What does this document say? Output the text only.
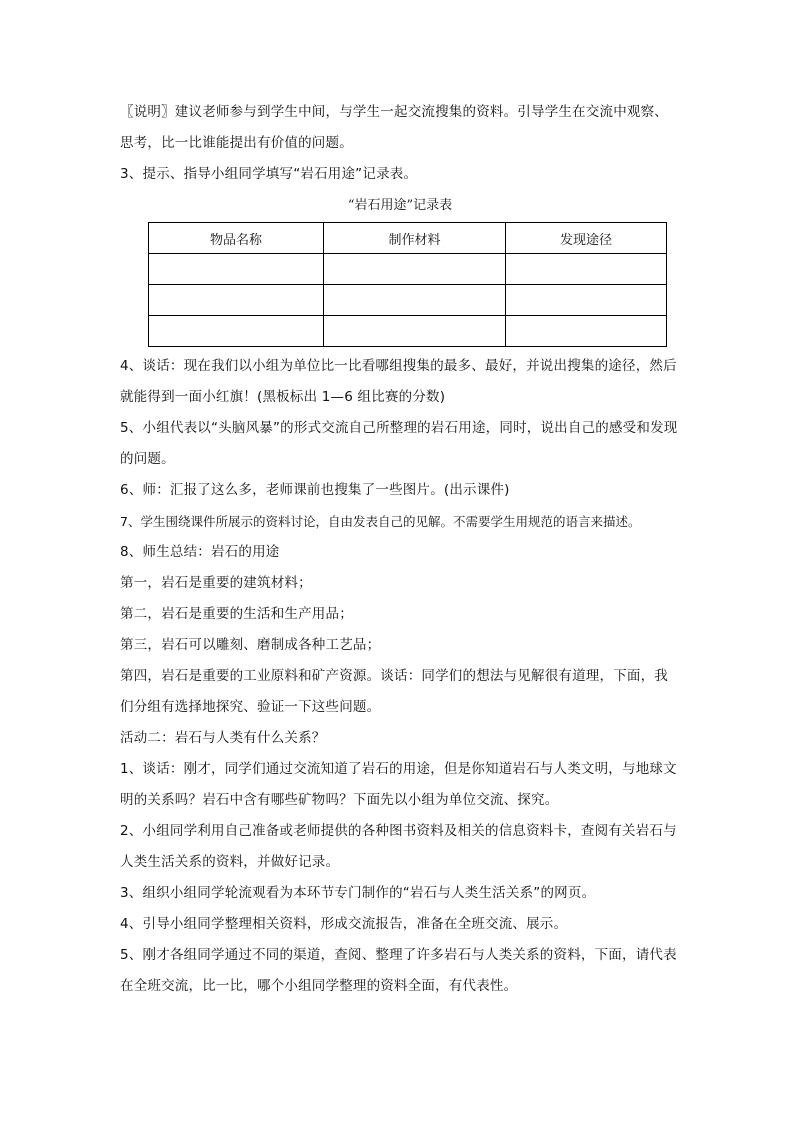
〖说明〗建议老师参与到学生中间，与学生一起交流搜集的资料。引导学生在交流中观察、思考，比一比谁能提出有价值的问题。

3、提示、指导小组同学填写“岩石用途”记录表。

“岩石用途”记录表
物品名称	制作材料	发现途径

4、谈话：现在我们以小组为单位比一比看哪组搜集的最多、最好，并说出搜集的途径，然后就能得到一面小红旗！(黑板标出 1—6 组比赛的分数)

5、小组代表以“头脑风暴”的形式交流自己所整理的岩石用途，同时，说出自己的感受和发现的问题。

6、师：汇报了这么多，老师课前也搜集了一些图片。(出示课件)

7、学生围绕课件所展示的资料讨论，自由发表自己的见解。不需要学生用规范的语言来描述。

8、师生总结：岩石的用途

第一，岩石是重要的建筑材料；

第二，岩石是重要的生活和生产用品；

第三，岩石可以雕刻、磨制成各种工艺品；

第四，岩石是重要的工业原料和矿产资源。谈话：同学们的想法与见解很有道理，下面，我们分组有选择地探究、验证一下这些问题。

活动二：岩石与人类有什么关系？

1、谈话：刚才，同学们通过交流知道了岩石的用途，但是你知道岩石与人类文明，与地球文明的关系吗？岩石中含有哪些矿物吗？下面先以小组为单位交流、探究。

2、小组同学利用自己准备或老师提供的各种图书资料及相关的信息资料卡，查阅有关岩石与人类生活关系的资料，并做好记录。

3、组织小组同学轮流观看为本环节专门制作的“岩石与人类生活关系”的网页。

4、引导小组同学整理相关资料，形成交流报告，准备在全班交流、展示。

5、刚才各组同学通过不同的渠道，查阅、整理了许多岩石与人类关系的资料，下面，请代表在全班交流，比一比，哪个小组同学整理的资料全面，有代表性。
